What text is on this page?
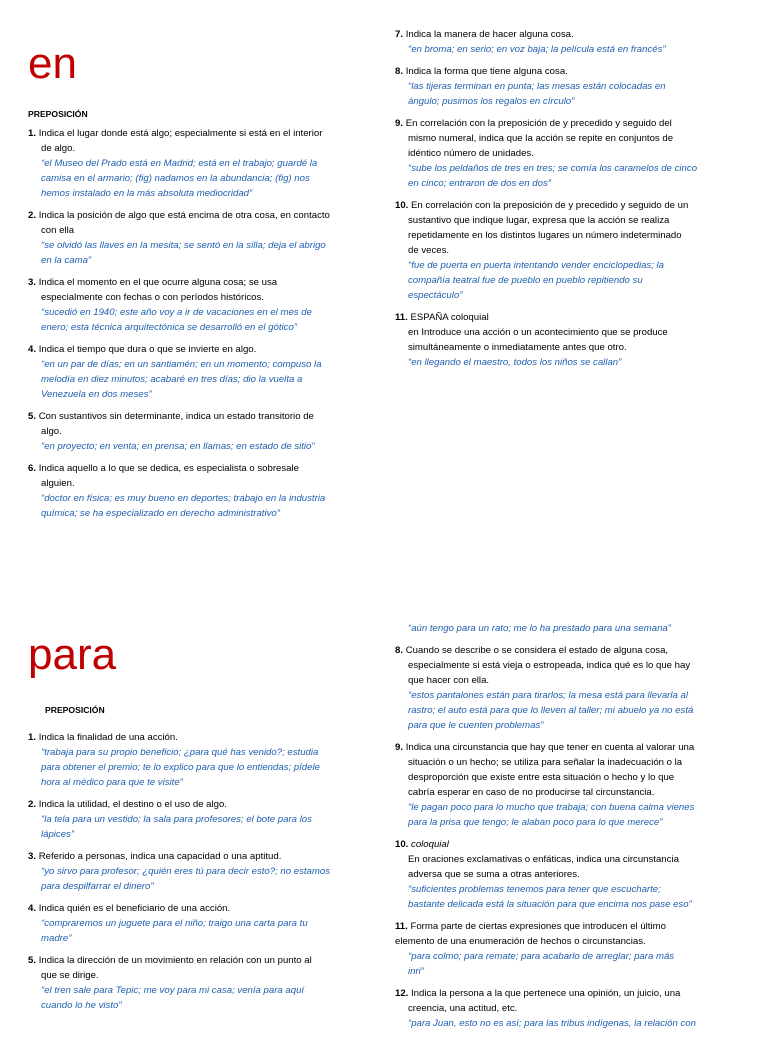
en
PREPOSICIÓN
1. Indica el lugar donde está algo; especialmente si está en el interior
de algo.
“el Museo del Prado está en Madrid; está en el trabajo; guardé la
camisa en el armario; (fig) nadamos en la abundancia; (fig) nos
hemos instalado en la más absoluta mediocridad”
2. Indica la posición de algo que está encima de otra cosa, en contacto
con ella
“se olvidó las llaves en la mesita; se sentó en la silla; deja el abrigo
en la cama”
3. Indica el momento en el que ocurre alguna cosa; se usa
especialmente con fechas o con períodos históricos.
“sucedió en 1940; este año voy a ir de vacaciones en el mes de
enero; esta técnica arquitectónica se desarrolló en el gótico”
4. Indica el tiempo que dura o que se invierte en algo.
“en un par de días; en un santiamén; en un momento; compuso la
melodía en diez minutos; acabaré en tres días; dio la vuelta a
Venezuela en dos meses”
5. Con sustantivos sin determinante, indica un estado transitorio de
algo.
“en proyecto; en venta; en prensa; en llamas; en estado de sitio”
6. Indica aquello a lo que se dedica, es especialista o sobresale
alguien.
“doctor en física; es muy bueno en deportes; trabajo en la industria
química; se ha especializado en derecho administrativo”
7. Indica la manera de hacer alguna cosa.
“en broma; en serio; en voz baja; la película está en francés”
8. Indica la forma que tiene alguna cosa.
“las tijeras terminan en punta; las mesas están colocadas en
ángulo; pusimos los regalos en círculo”
9. En correlación con la preposición de y precedido y seguido del
mismo numeral, indica que la acción se repite en conjuntos de
idéntico número de unidades.
“sube los peldaños de tres en tres; se comía los caramelos de cinco
en cinco; entraron de dos en dos”
10. En correlación con la preposición de y precedido y seguido de un
sustantivo que indique lugar, expresa que la acción se realiza
repetidamente en los distintos lugares un número indeterminado
de veces.
“fue de puerta en puerta intentando vender enciclopedias; la
compañía teatral fue de pueblo en pueblo repitiendo su
espectáculo”
11. ESPAÑA coloquial
en Introduce una acción o un acontecimiento que se produce
simultáneamente o inmediatamente antes que otro.
“en llegando el maestro, todos los niños se callan”
para
PREPOSICIÓN
1. Indica la finalidad de una acción.
“trabaja para su propio beneficio; ¿para qué has venido?; estudia
para obtener el premio; te lo explico para que lo entiendas; pídele
hora al médico para que te visite”
2. Indica la utilidad, el destino o el uso de algo.
“la tela para un vestido; la sala para profesores; el bote para los
lápices”
3. Referido a personas, indica una capacidad o una aptitud.
“yo sirvo para profesor; ¿quién eres tú para decir esto?; no estamos
para despilfarrar el dinero”
4. Indica quién es el beneficiario de una acción.
“compraremos un juguete para el niño; traigo una carta para tu
madre”
5. Indica la dirección de un movimiento en relación con un punto al
que se dirige.
“el tren sale para Tepic; me voy para mi casa; venía para aquí
cuando lo he visto”
“aún tengo para un rato; me lo ha prestado para una semana”
8. Cuando se describe o se considera el estado de alguna cosa,
especialmente si está vieja o estropeada, indica qué es lo que hay
que hacer con ella.
“estos pantalones están para tirarlos; la mesa está para llevarla al
rastro; el auto está para que lo lleven al taller; mi abuelo ya no está
para que le cuenten problemas”
9. Indica una circunstancia que hay que tener en cuenta al valorar una
situación o un hecho; se utiliza para señalar la inadecuación o la
desproporción que existe entre esta situación o hecho y lo que
cabría esperar en caso de no producirse tal circunstancia.
“le pagan poco para lo mucho que trabaja; con buena calma vienes
para la prisa que tengo; le alaban poco para lo que merece”
10. coloquial
En oraciones exclamativas o enfáticas, indica una circunstancia
adversa que se suma a otras anteriores.
“suficientes problemas tenemos para tener que escucharte;
bastante delicada está la situación para que encima nos pase eso”
11. Forma parte de ciertas expresiones que introducen el último
elemento de una enumeración de hechos o circunstancias.
“para colmo; para remate; para acabarlo de arreglar; para más
inri”
12. Indica la persona a la que pertenece una opinión, un juicio, una
creencia, una actitud, etc.
“para Juan, esto no es así; para las tribus indígenas, la relación con
